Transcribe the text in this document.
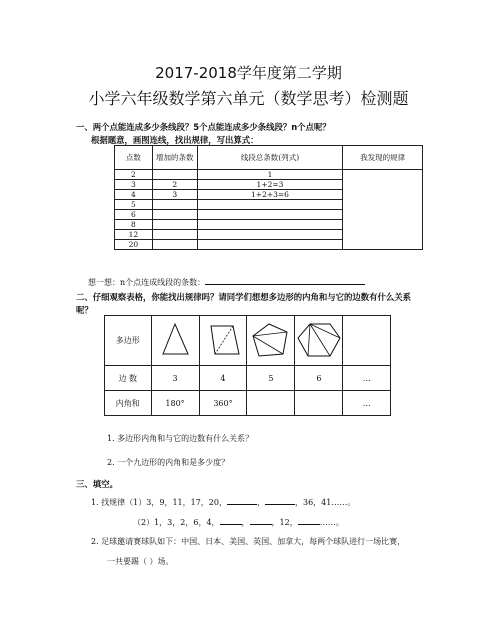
2017-2018学年度第二学期
小学六年级数学第六单元（数学思考）检测题
一、两个点能连成多少条线段？5个点能连成多少条线段？n个点呢？
根据题意，画图连线，找出规律，写出算式：
点数	增加的条数	线段总条数(列式)	我发现的规律
2		1	
3	2	1+2=3	
4	3	1+2+3=6	
5			
6			
8			
12			
20			
想一想：n个点连成线段的条数：
二、仔细观察表格，你能找出规律吗？请同学们想想多边形的内角和与它的边数有什么关系
呢？
多边形					
边 数	3	4	5	6	…
内角和	180°	360°			…
1. 多边形内角和与它的边数有什么关系？
2. 一个九边形的内角和是多少度？
三、填空。
1. 找规律（1）3，9，11，17，20，	，	，36，41……。
（2）1，3，2，6，4，	，	，12，	……。
2. 足球邀请赛球队如下：中国、日本、美国、英国、加拿大，每两个球队进行一场比赛，
一共要踢（ ）场。
